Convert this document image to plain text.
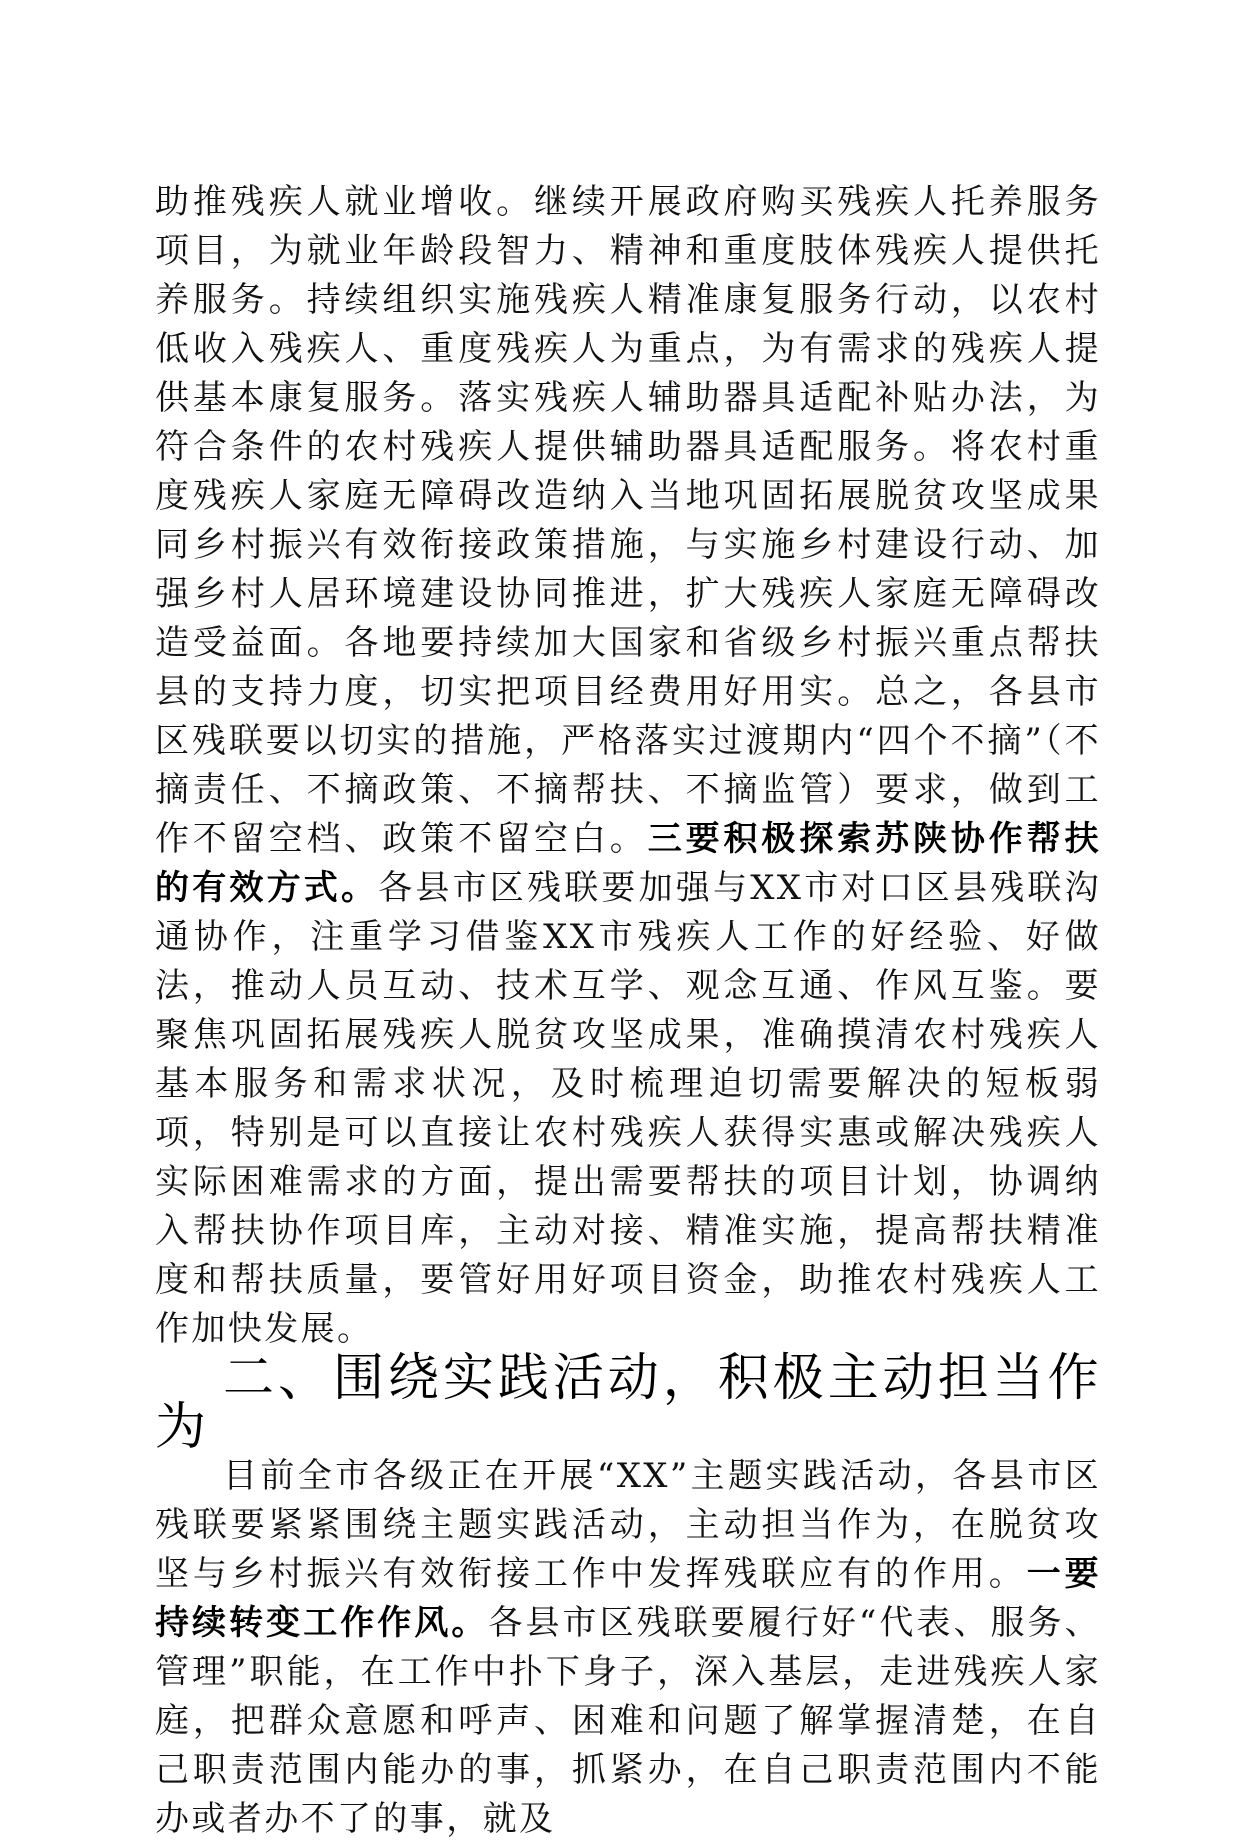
助推残疾人就业增收。继续开展政府购买残疾人托养服务项目，为就业年龄段智力、精神和重度肢体残疾人提供托养服务。持续组织实施残疾人精准康复服务行动，以农村低收入残疾人、重度残疾人为重点，为有需求的残疾人提供基本康复服务。落实残疾人辅助器具适配补贴办法，为符合条件的农村残疾人提供辅助器具适配服务。将农村重度残疾人家庭无障碍改造纳入当地巩固拓展脱贫攻坚成果同乡村振兴有效衔接政策措施，与实施乡村建设行动、加强乡村人居环境建设协同推进，扩大残疾人家庭无障碍改造受益面。各地要持续加大国家和省级乡村振兴重点帮扶县的支持力度，切实把项目经费用好用实。总之，各县市区残联要以切实的措施，严格落实过渡期内“四个不摘”（不摘责任、不摘政策、不摘帮扶、不摘监管）要求，做到工作不留空档、政策不留空白。三要积极探索苏陕协作帮扶的有效方式。各县市区残联要加强与XX市对口区县残联沟通协作，注重学习借鉴XX市残疾人工作的好经验、好做法，推动人员互动、技术互学、观念互通、作风互鉴。要聚焦巩固拓展残疾人脱贫攻坚成果，准确摸清农村残疾人基本服务和需求状况，及时梳理迫切需要解决的短板弱项，特别是可以直接让农村残疾人获得实惠或解决残疾人实际困难需求的方面，提出需要帮扶的项目计划，协调纳入帮扶协作项目库，主动对接、精准实施，提高帮扶精准度和帮扶质量，要管好用好项目资金，助推农村残疾人工作加快发展。

二、围绕实践活动，积极主动担当作为

目前全市各级正在开展“XX”主题实践活动，各县市区残联要紧紧围绕主题实践活动，主动担当作为，在脱贫攻坚与乡村振兴有效衔接工作中发挥残联应有的作用。一要持续转变工作作风。各县市区残联要履行好“代表、服务、管理”职能，在工作中扑下身子，深入基层，走进残疾人家庭，把群众意愿和呼声、困难和问题了解掌握清楚，在自己职责范围内能办的事，抓紧办，在自己职责范围内不能办或者办不了的事，就及
